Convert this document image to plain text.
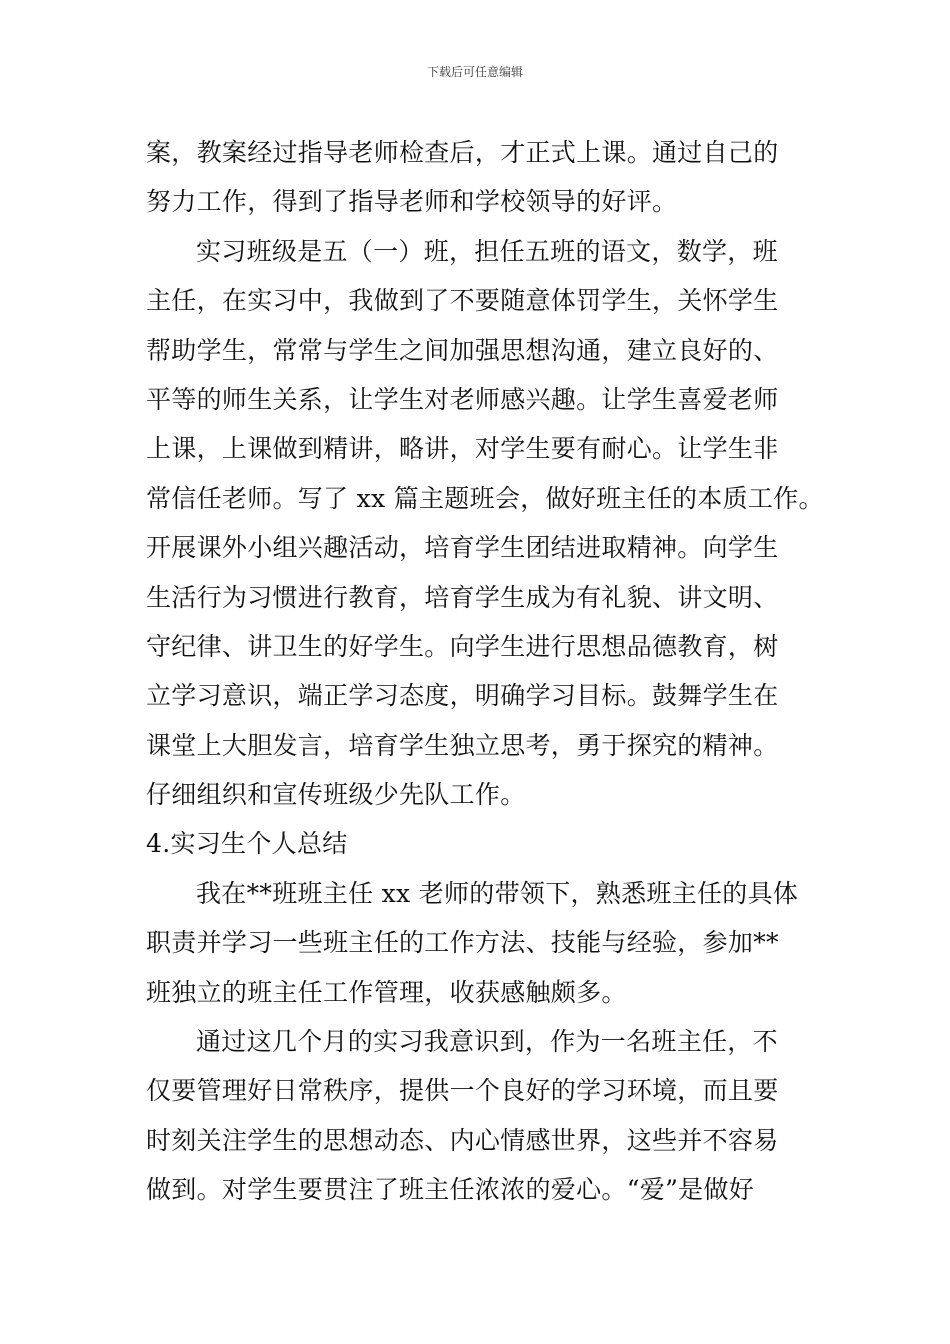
下载后可任意编辑
案，教案经过指导老师检查后，才正式上课。通过自己的
努力工作，得到了指导老师和学校领导的好评。
实习班级是五（一）班，担任五班的语文，数学，班
主任，在实习中，我做到了不要随意体罚学生，关怀学生
帮助学生，常常与学生之间加强思想沟通，建立良好的、
平等的师生关系，让学生对老师感兴趣。让学生喜爱老师
上课，上课做到精讲，略讲，对学生要有耐心。让学生非
常信任老师。写了 xx 篇主题班会，做好班主任的本质工作。
开展课外小组兴趣活动，培育学生团结进取精神。向学生
生活行为习惯进行教育，培育学生成为有礼貌、讲文明、
守纪律、讲卫生的好学生。向学生进行思想品德教育，树
立学习意识，端正学习态度，明确学习目标。鼓舞学生在
课堂上大胆发言，培育学生独立思考，勇于探究的精神。
仔细组织和宣传班级少先队工作。
4.实习生个人总结
我在**班班主任 xx 老师的带领下，熟悉班主任的具体
职责并学习一些班主任的工作方法、技能与经验，参加**
班独立的班主任工作管理，收获感触颇多。
通过这几个月的实习我意识到，作为一名班主任，不
仅要管理好日常秩序，提供一个良好的学习环境，而且要
时刻关注学生的思想动态、内心情感世界，这些并不容易
做到。对学生要贯注了班主任浓浓的爱心。“爱”是做好
